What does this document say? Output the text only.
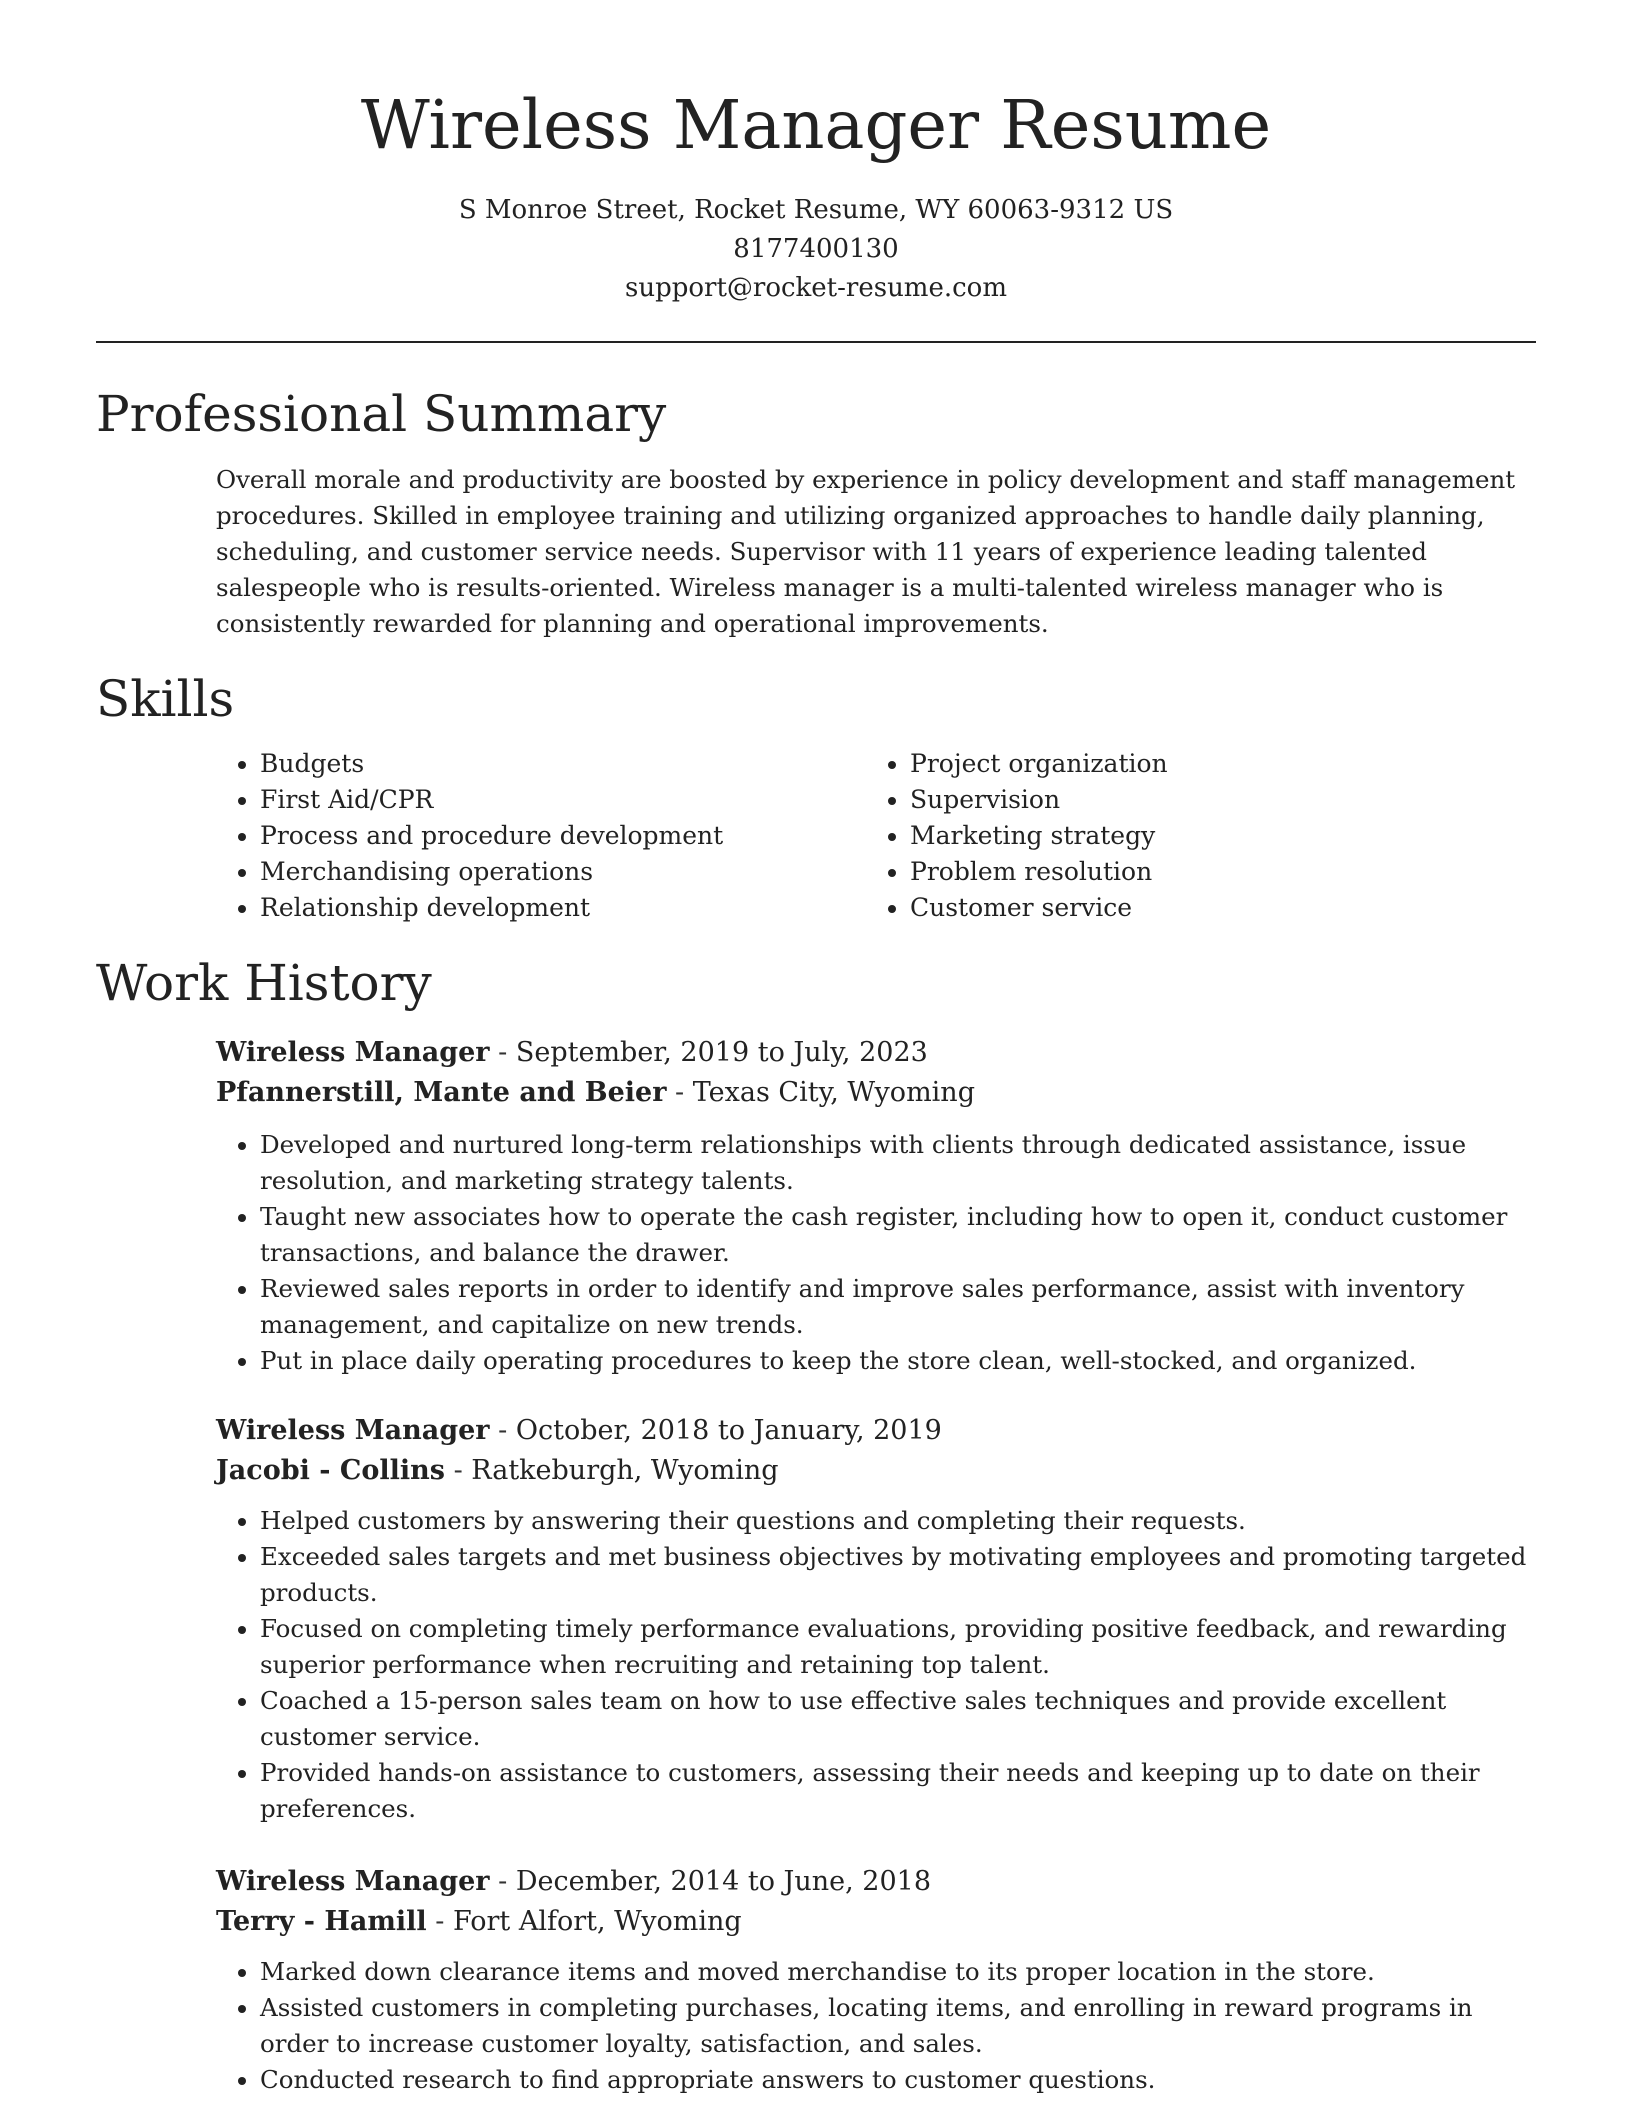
Wireless Manager Resume
S Monroe Street, Rocket Resume, WY 60063-9312 US
8177400130
support@rocket-resume.com
Professional Summary

Overall morale and productivity are boosted by experience in policy development and staff management procedures. Skilled in employee training and utilizing organized approaches to handle daily planning, scheduling, and customer service needs. Supervisor with 11 years of experience leading talented salespeople who is results-oriented. Wireless manager is a multi-talented wireless manager who is consistently rewarded for planning and operational improvements.

Skills
• Budgets
• First Aid/CPR
• Process and procedure development
• Merchandising operations
• Relationship development
• Project organization
• Supervision
• Marketing strategy
• Problem resolution
• Customer service
Work History
Wireless Manager - September, 2019 to July, 2023
Pfannerstill, Mante and Beier - Texas City, Wyoming
• Developed and nurtured long-term relationships with clients through dedicated assistance, issue resolution, and marketing strategy talents.
• Taught new associates how to operate the cash register, including how to open it, conduct customer transactions, and balance the drawer.
• Reviewed sales reports in order to identify and improve sales performance, assist with inventory management, and capitalize on new trends.
• Put in place daily operating procedures to keep the store clean, well-stocked, and organized.
Wireless Manager - October, 2018 to January, 2019
Jacobi - Collins - Ratkeburgh, Wyoming
• Helped customers by answering their questions and completing their requests.
• Exceeded sales targets and met business objectives by motivating employees and promoting targeted products.
• Focused on completing timely performance evaluations, providing positive feedback, and rewarding superior performance when recruiting and retaining top talent.
• Coached a 15-person sales team on how to use effective sales techniques and provide excellent customer service.
• Provided hands-on assistance to customers, assessing their needs and keeping up to date on their preferences.
Wireless Manager - December, 2014 to June, 2018
Terry - Hamill - Fort Alfort, Wyoming
• Marked down clearance items and moved merchandise to its proper location in the store.
• Assisted customers in completing purchases, locating items, and enrolling in reward programs in order to increase customer loyalty, satisfaction, and sales.
• Conducted research to find appropriate answers to customer questions.
